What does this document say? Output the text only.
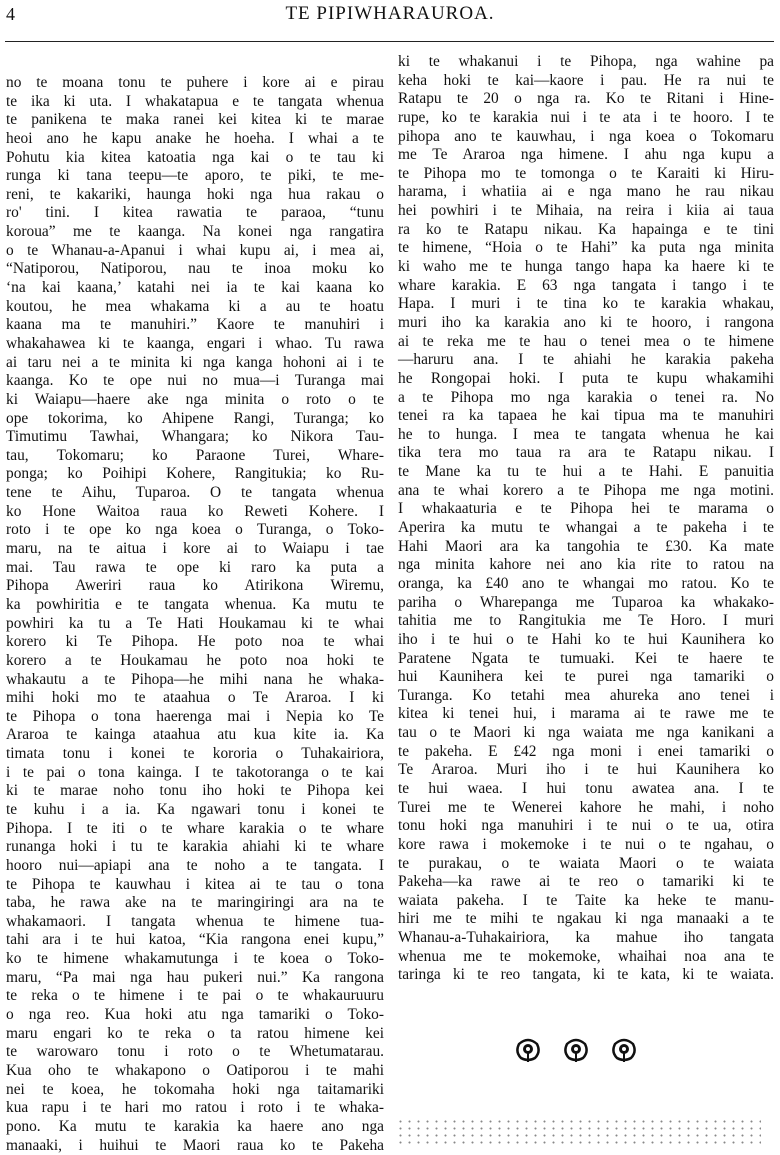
4	TE PIPIWHARAUROA.
no te moana tonu te puhere i kore ai e pirau
te ika ki uta. I whakatapua e te tangata whenua
te panikena te maka ranei kei kitea ki te marae
heoi ano he kapu anake he hoeha. I whai a te
Pohutu kia kitea katoatia nga kai o te tau ki
runga ki tana teepu—te aporo, te piki, te me-
reni, te kakariki, haunga hoki nga hua rakau o
ro' tini. I kitea rawatia te paraoa, “tunu
koroua” me te kaanga. Na konei nga rangatira
o te Whanau-a-Apanui i whai kupu ai, i mea ai,
“Natiporou, Natiporou, nau te inoa moku ko
‘na kai kaana,’ katahi nei ia te kai kaana ko
koutou, he mea whakama ki a au te hoatu
kaana ma te manuhiri.” Kaore te manuhiri i
whakahawea ki te kaanga, engari i whao. Tu rawa
ai taru nei a te minita ki nga kanga hohoni ai i te
kaanga. Ko te ope nui no mua—i Turanga mai
ki Waiapu—haere ake nga minita o roto o te
ope tokorima, ko Ahipene Rangi, Turanga; ko
Timutimu Tawhai, Whangara; ko Nikora Tau-
tau, Tokomaru; ko Paraone Turei, Whare-
ponga; ko Poihipi Kohere, Rangitukia; ko Ru-
tene te Aihu, Tuparoa. O te tangata whenua
ko Hone Waitoa raua ko Reweti Kohere. I
roto i te ope ko nga koea o Turanga, o Toko-
maru, na te aitua i kore ai to Waiapu i tae
mai. Tau rawa te ope ki raro ka puta a
Pihopa Aweriri raua ko Atirikona Wiremu,
ka powhiritia e te tangata whenua. Ka mutu te
powhiri ka tu a Te Hati Houkamau ki te whai
korero ki Te Pihopa. He poto noa te whai
korero a te Houkamau he poto noa hoki te
whakautu a te Pihopa—he mihi nana he whaka-
mihi hoki mo te ataahua o Te Araroa. I ki
te Pihopa o tona haerenga mai i Nepia ko Te
Araroa te kainga ataahua atu kua kite ia. Ka
timata tonu i konei te kororia o Tuhakairiora,
i te pai o tona kainga. I te takotoranga o te kai
ki te marae noho tonu iho hoki te Pihopa kei
te kuhu i a ia. Ka ngawari tonu i konei te
Pihopa. I te iti o te whare karakia o te whare
runanga hoki i tu te karakia ahiahi ki te whare
hooro nui—apiapi ana te noho a te tangata. I
te Pihopa te kauwhau i kitea ai te tau o tona
taba, he rawa ake na te maringiringi ara na te
whakamaori. I tangata whenua te himene tua-
tahi ara i te hui katoa, “Kia rangona enei kupu,”
ko te himene whakamutunga i te koea o Toko-
maru, “Pa mai nga hau pukeri nui.” Ka rangona
te reka o te himene i te pai o te whakauruuru
o nga reo. Kua hoki atu nga tamariki o Toko-
maru engari ko te reka o ta ratou himene kei
te warowaro tonu i roto o te Whetumatarau.
Kua oho te whakapono o Oatiporou i te mahi
nei te koea, he tokomaha hoki nga taitamariki
kua rapu i te hari mo ratou i roto i te whaka-
pono. Ka mutu te karakia ka haere ano nga
manaaki, i huihui te Maori raua ko te Pakeha
ki te whakanui i te Pihopa, nga wahine pa
keha hoki te kai—kaore i pau. He ra nui te
Ratapu te 20 o nga ra. Ko te Ritani i Hine-
rupe, ko te karakia nui i te ata i te hooro. I te
pihopa ano te kauwhau, i nga koea o Tokomaru
me Te Araroa nga himene. I ahu nga kupu a
te Pihopa mo te tomonga o te Karaiti ki Hiru-
harama, i whatiia ai e nga mano he rau nikau
hei powhiri i te Mihaia, na reira i kiia ai taua
ra ko te Ratapu nikau. Ka hapainga e te tini
te himene, “Hoia o te Hahi” ka puta nga minita
ki waho me te hunga tango hapa ka haere ki te
whare karakia. E 63 nga tangata i tango i te
Hapa. I muri i te tina ko te karakia whakau,
muri iho ka karakia ano ki te hooro, i rangona
ai te reka me te hau o tenei mea o te himene
—haruru ana. I te ahiahi he karakia pakeha
he Rongopai hoki. I puta te kupu whakamihi
a te Pihopa mo nga karakia o tenei ra. No
tenei ra ka tapaea he kai tipua ma te manuhiri
he to hunga. I mea te tangata whenua he kai
tika tera mo taua ra ara te Ratapu nikau. I
te Mane ka tu te hui a te Hahi. E panuitia
ana te whai korero a te Pihopa me nga motini.
I whakaaturia e te Pihopa hei te marama o
Aperira ka mutu te whangai a te pakeha i te
Hahi Maori ara ka tangohia te £30. Ka mate
nga minita kahore nei ano kia rite to ratou na
oranga, ka £40 ano te whangai mo ratou. Ko te
pariha o Wharepanga me Tuparoa ka whakako-
tahitia me to Rangitukia me Te Horo. I muri
iho i te hui o te Hahi ko te hui Kaunihera ko
Paratene Ngata te tumuaki. Kei te haere te
hui Kaunihera kei te purei nga tamariki o
Turanga. Ko tetahi mea ahureka ano tenei i
kitea ki tenei hui, i marama ai te rawe me te
tau o te Maori ki nga waiata me nga kanikani a
te pakeha. E £42 nga moni i enei tamariki o
Te Araroa. Muri iho i te hui Kaunihera ko
te hui waea. I hui tonu awatea ana. I te
Turei me te Wenerei kahore he mahi, i noho
tonu hoki nga manuhiri i te nui o te ua, otira
kore rawa i mokemoke i te nui o te ngahau, o
te purakau, o te waiata Maori o te waiata
Pakeha—ka rawe ai te reo o tamariki ki te
waiata pakeha. I te Taite ka heke te manu-
hiri me te mihi te ngakau ki nga manaaki a te
Whanau-a-Tuhakairiora, ka mahue iho tangata
whenua me te mokemoke, whaihai noa ana te
taringa ki te reo tangata, ki te kata, ki te waiata.
